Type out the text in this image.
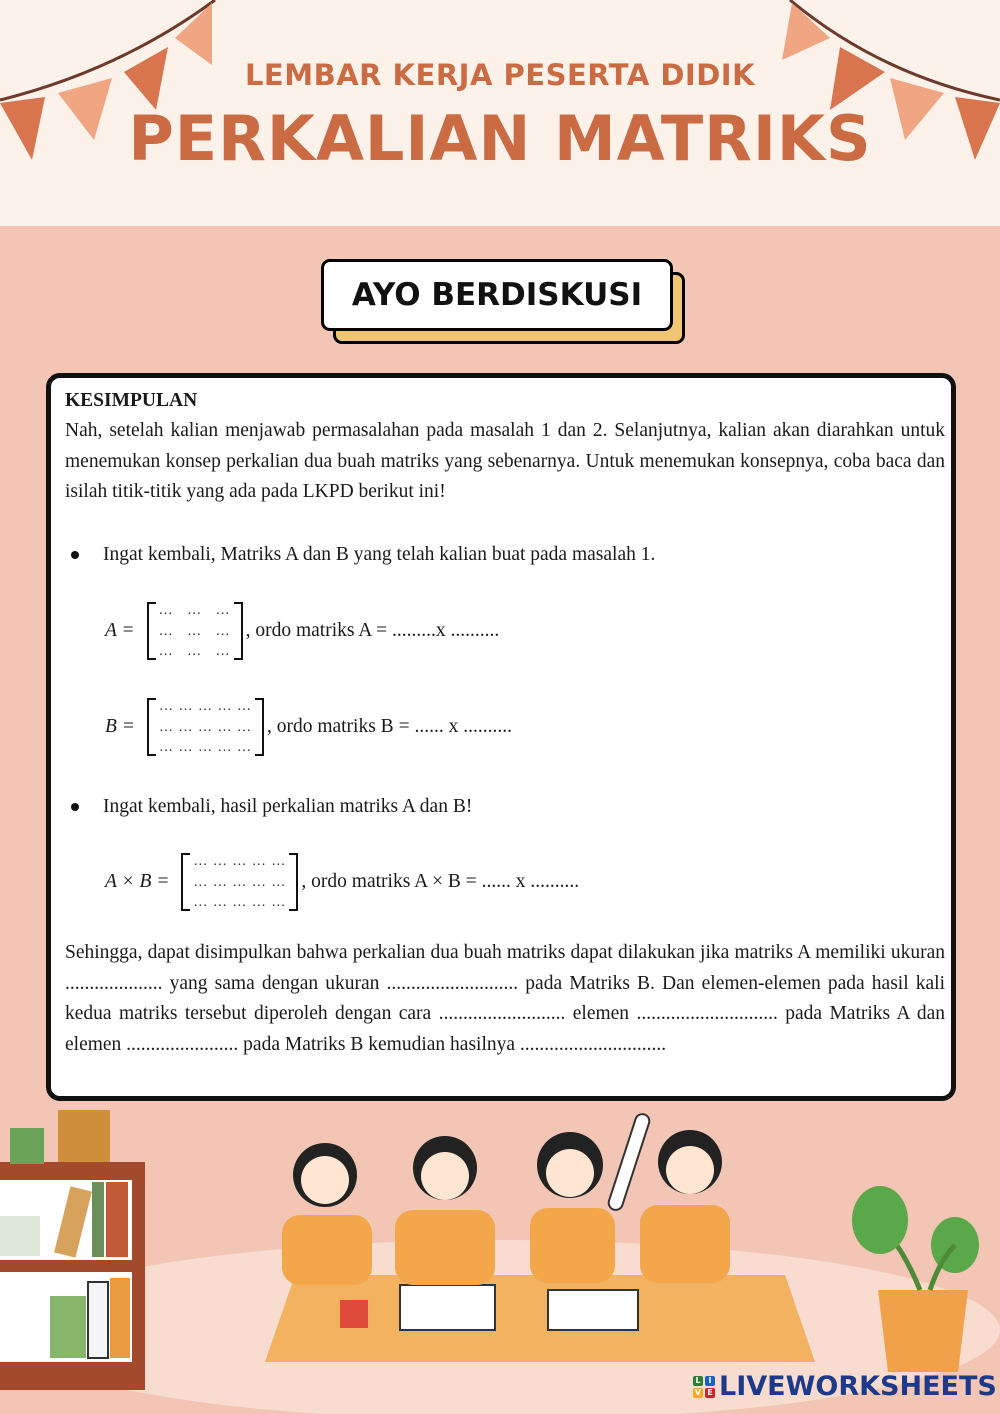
LEMBAR KERJA PESERTA DIDIK
PERKALIAN MATRIKS
AYO BERDISKUSI
KESIMPULAN

Nah, setelah kalian menjawab permasalahan pada masalah 1 dan 2. Selanjutnya, kalian akan diarahkan untuk menemukan konsep perkalian dua buah matriks yang sebenarnya. Untuk menemukan konsepnya, coba baca dan isilah titik-titik yang ada pada LKPD berikut ini!

Ingat kembali, Matriks A dan B yang telah kalian buat pada masalah 1.
A =
…   …   …
…   …   …
…   …   …
, ordo matriks A = .........x ..........
B =
… … … … …
… … … … …
… … … … …
, ordo matriks B = ...... x ..........
Ingat kembali, hasil perkalian matriks A dan B!
A × B =
… … … … …
… … … … …
… … … … …
, ordo matriks A × B = ...... x ..........

Sehingga, dapat disimpulkan bahwa perkalian dua buah matriks dapat dilakukan jika matriks A memiliki ukuran .................... yang sama dengan ukuran ........................... pada Matriks B. Dan elemen-elemen pada hasil kali kedua matriks tersebut diperoleh dengan cara .......................... elemen ............................. pada Matriks A dan elemen ....................... pada Matriks B kemudian hasilnya ..............................

L I
V E LIVEWORKSHEETS
